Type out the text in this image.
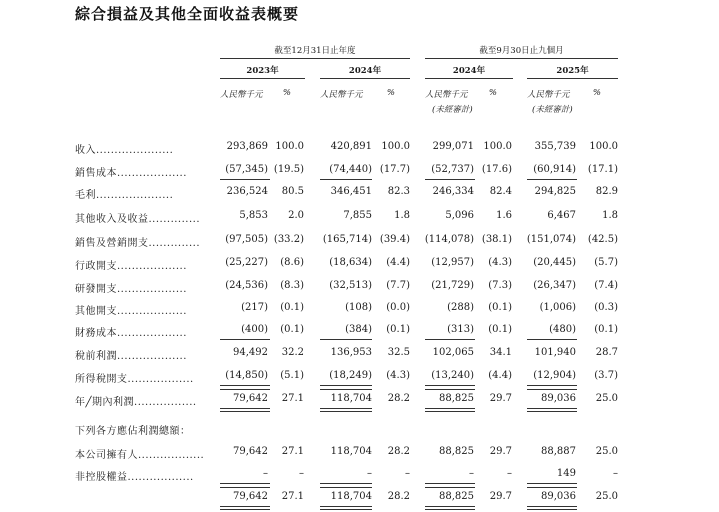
綜合損益及其他全面收益表概要
截至12月31日止年度	截至9月30日止九個月
2023年	2024年	2024年	2025年
人民幣千元 %	人民幣千元	%	人民幣千元	%	人民幣千元	%
(未經審計)	(未經審計)
收入.....................	293,869 100.0	420,891 100.0	299,071 100.0	355,739	100.0
銷售成本...................	(57,345) (19.5)	(74,440) (17.7)	(52,737) (17.6)	(60,914)	(17.1)
毛利.....................	236,524	80.5	346,451	82.3	246,334	82.4	294,825	82.9
其他收入及收益..............	5,853	2.0	7,855	1.8	5,096	1.6	6,467	1.8
銷售及營銷開支..............	(97,505) (33.2)	(165,714) (39.4)	(114,078) (38.1)	(151,074)	(42.5)
行政開支...................	(25,227)	(8.6)	(18,634)	(4.4)	(12,957)	(4.3)	(20,445)	(5.7)
研發開支...................	(24,536)	(8.3)	(32,513)	(7.7)	(21,729)	(7.3)	(26,347)	(7.4)
其他開支...................	(217)	(0.1)	(108)	(0.0)	(288)	(0.1)	(1,006)	(0.3)
財務成本...................	(400)	(0.1)	(384)	(0.1)	(313)	(0.1)	(480)	(0.1)
稅前利潤...................	94,492	32.2	136,953	32.5	102,065	34.1	101,940	28.7
所得稅開支..................	(14,850)	(5.1)	(18,249)	(4.3)	(13,240)	(4.4)	(12,904)	(3.7)
年╱期內利潤.................	79,642	27.1	118,704	28.2	88,825	29.7	89,036	25.0
下列各方應佔利潤總額：
本公司擁有人..................	79,642	27.1	118,704	28.2	88,825	29.7	88,887	25.0
非控股權益..................	–	–	–	–	–	–	149	–
79,642	27.1	118,704	28.2	88,825	29.7	89,036	25.0
